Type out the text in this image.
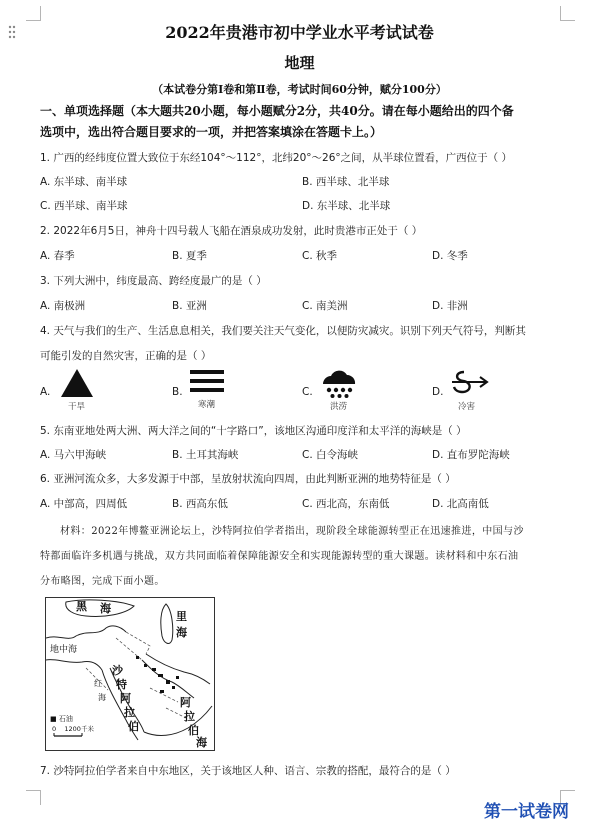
2022年贵港市初中学业水平考试试卷
地理
（本试卷分第Ⅰ卷和第Ⅱ卷，考试时间60分钟，赋分100分）
一、单项选择题（本大题共20小题，每小题赋分2分，共40分。请在每小题给出的四个备
选项中，选出符合题目要求的一项，并把答案填涂在答题卡上。）
1. 广西的经纬度位置大致位于东经104°～112°，北纬20°～26°之间，从半球位置看，广西位于（ ）
A. 东半球、南半球	B. 西半球、北半球
C. 西半球、南半球	D. 东半球、北半球
2. 2022年6月5日，神舟十四号载人飞船在酒泉成功发射，此时贵港市正处于（ ）
A. 春季	B. 夏季	C. 秋季	D. 冬季
3. 下列大洲中，纬度最高、跨经度最广的是（ ）
A. 南极洲	B. 亚洲	C. 南美洲	D. 非洲
4. 天气与我们的生产、生活息息相关，我们要关注天气变化，以便防灾减灾。识别下列天气符号，判断其
可能引发的自然灾害，正确的是（ ）
A.
干旱
B.
寒潮
C.
洪涝
D.
冷害
5. 东南亚地处两大洲、两大洋之间的“十字路口”，该地区沟通印度洋和太平洋的海峡是（ ）
A. 马六甲海峡	B. 土耳其海峡	C. 白令海峡	D. 直布罗陀海峡
6. 亚洲河流众多，大多发源于中部，呈放射状流向四周，由此判断亚洲的地势特征是（ ）
A. 中部高，四周低	B. 西高东低	C. 西北高，东南低	D. 北高南低
材料：2022年博鳌亚洲论坛上，沙特阿拉伯学者指出，现阶段全球能源转型正在迅速推进，中国与沙
特都面临许多机遇与挑战，双方共同面临着保障能源安全和实现能源转型的重大课题。读材料和中东石油
分布略图，完成下面小题。
黑 海
里
海
地中海
红
海
沙
特
阿
拉
伯
阿
拉
伯
海
■ 石油
0    1200千米
7. 沙特阿拉伯学者来自中东地区，关于该地区人种、语言、宗教的搭配，最符合的是（ ）
第一试卷网
